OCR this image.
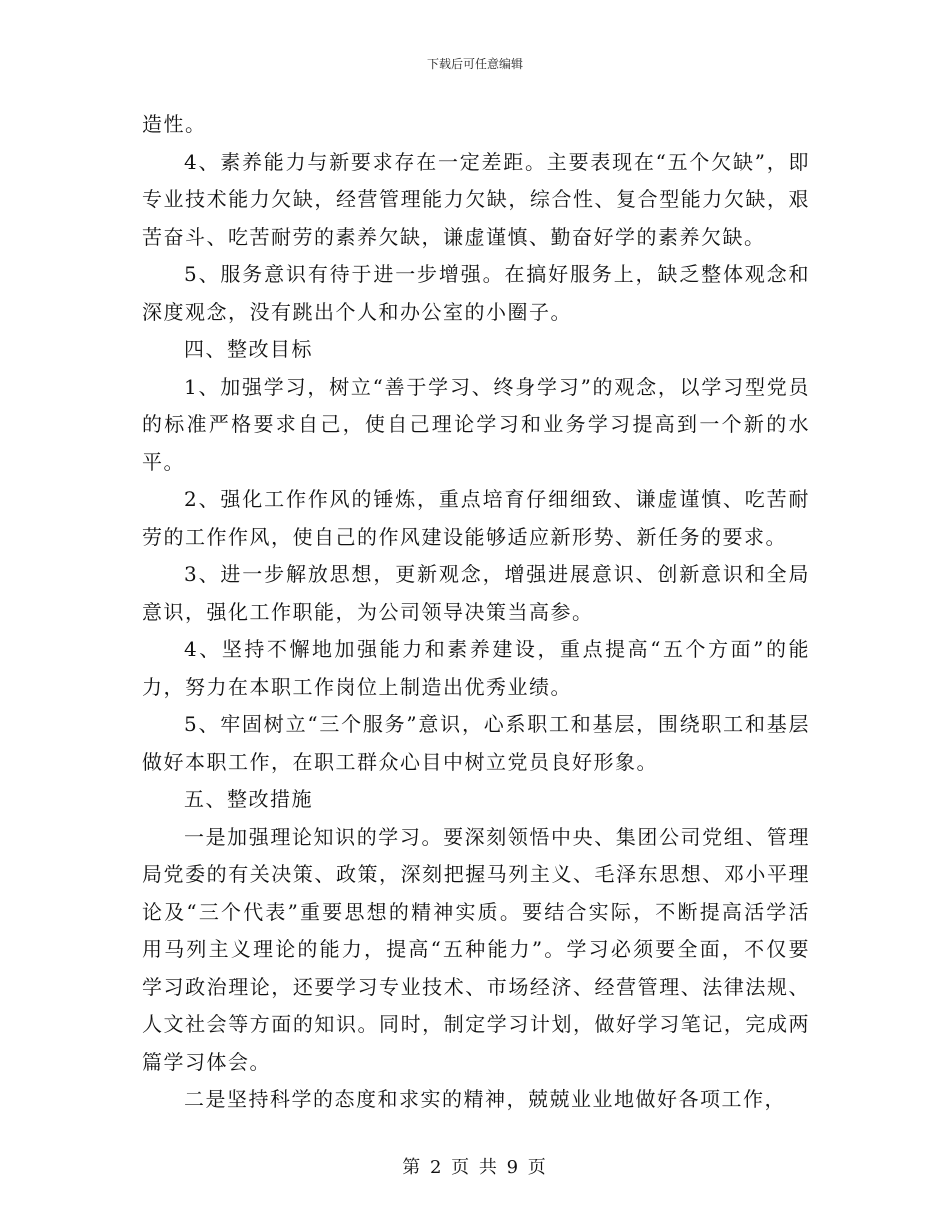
下载后可任意编辑

造性。

4、素养能力与新要求存在一定差距。主要表现在“五个欠缺”，即专业技术能力欠缺，经营管理能力欠缺，综合性、复合型能力欠缺，艰苦奋斗、吃苦耐劳的素养欠缺，谦虚谨慎、勤奋好学的素养欠缺。

5、服务意识有待于进一步增强。在搞好服务上，缺乏整体观念和深度观念，没有跳出个人和办公室的小圈子。

四、整改目标

1、加强学习，树立“善于学习、终身学习”的观念，以学习型党员的标准严格要求自己，使自己理论学习和业务学习提高到一个新的水平。

2、强化工作作风的锤炼，重点培育仔细细致、谦虚谨慎、吃苦耐劳的工作作风，使自己的作风建设能够适应新形势、新任务的要求。

3、进一步解放思想，更新观念，增强进展意识、创新意识和全局意识，强化工作职能，为公司领导决策当高参。

4、坚持不懈地加强能力和素养建设，重点提高“五个方面”的能力，努力在本职工作岗位上制造出优秀业绩。

5、牢固树立“三个服务”意识，心系职工和基层，围绕职工和基层做好本职工作，在职工群众心目中树立党员良好形象。

五、整改措施

一是加强理论知识的学习。要深刻领悟中央、集团公司党组、管理局党委的有关决策、政策，深刻把握马列主义、毛泽东思想、邓小平理论及“三个代表”重要思想的精神实质。要结合实际，不断提高活学活用马列主义理论的能力，提高“五种能力”。学习必须要全面，不仅要学习政治理论，还要学习专业技术、市场经济、经营管理、法律法规、人文社会等方面的知识。同时，制定学习计划，做好学习笔记，完成两篇学习体会。

二是坚持科学的态度和求实的精神，兢兢业业地做好各项工作，

第 2 页 共 9 页
